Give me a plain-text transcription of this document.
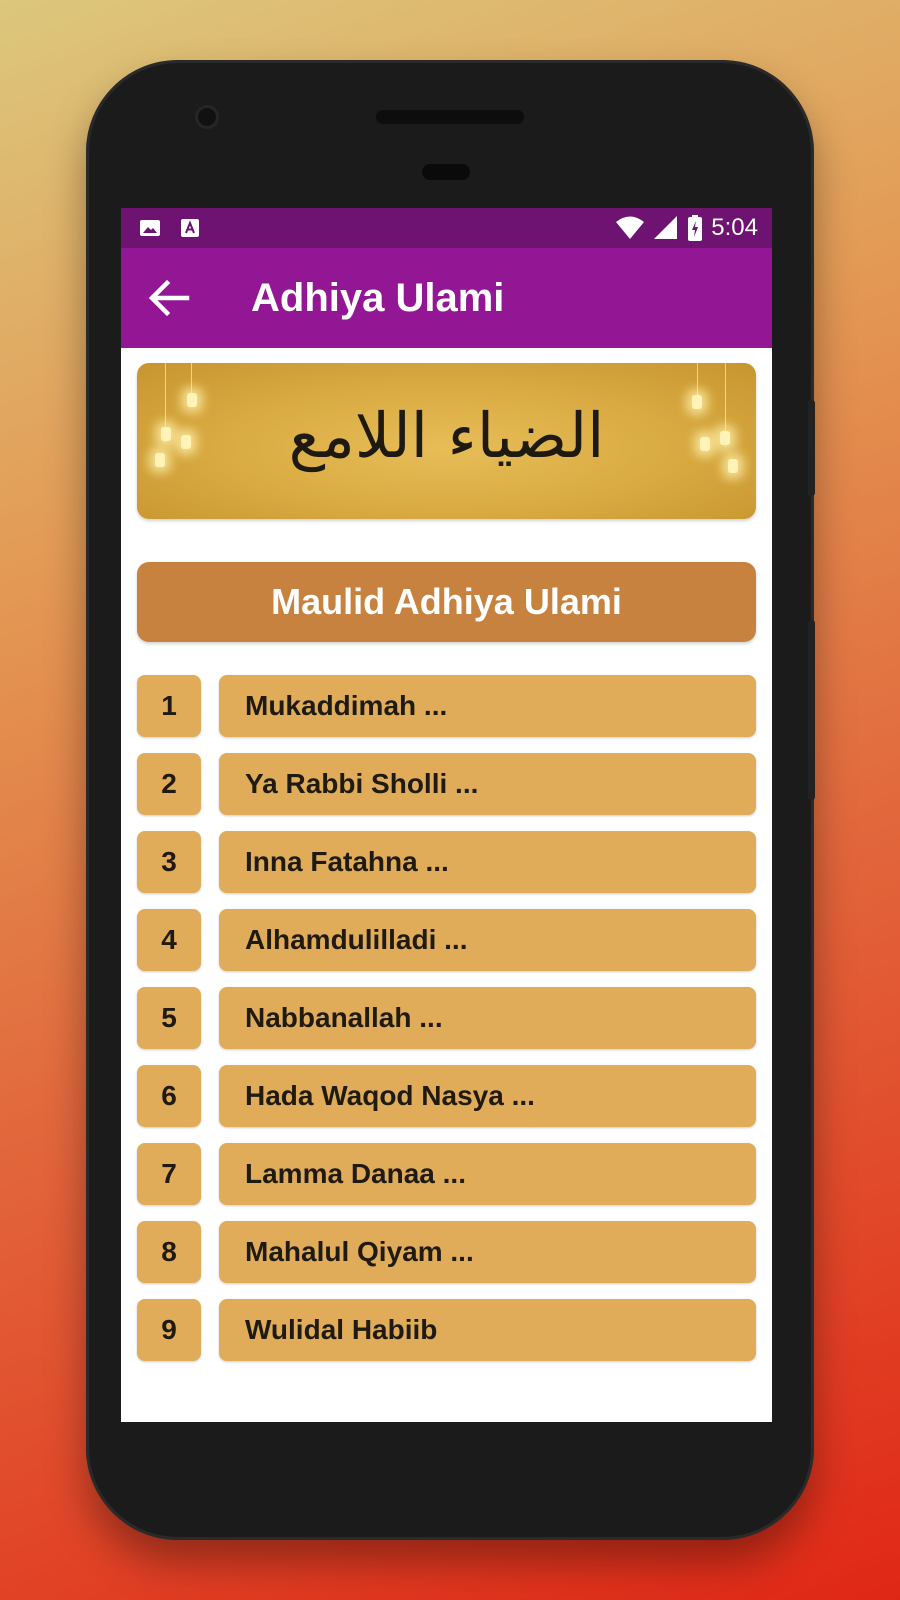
5:04
Adhiya Ulami
الضياء اللامع
Maulid Adhiya Ulami
1	Mukaddimah ...
2	Ya Rabbi Sholli ...
3	Inna Fatahna ...
4	Alhamdulilladi ...
5	Nabbanallah ...
6	Hada Waqod Nasya ...
7	Lamma Danaa ...
8	Mahalul Qiyam ...
9	Wulidal Habiib
